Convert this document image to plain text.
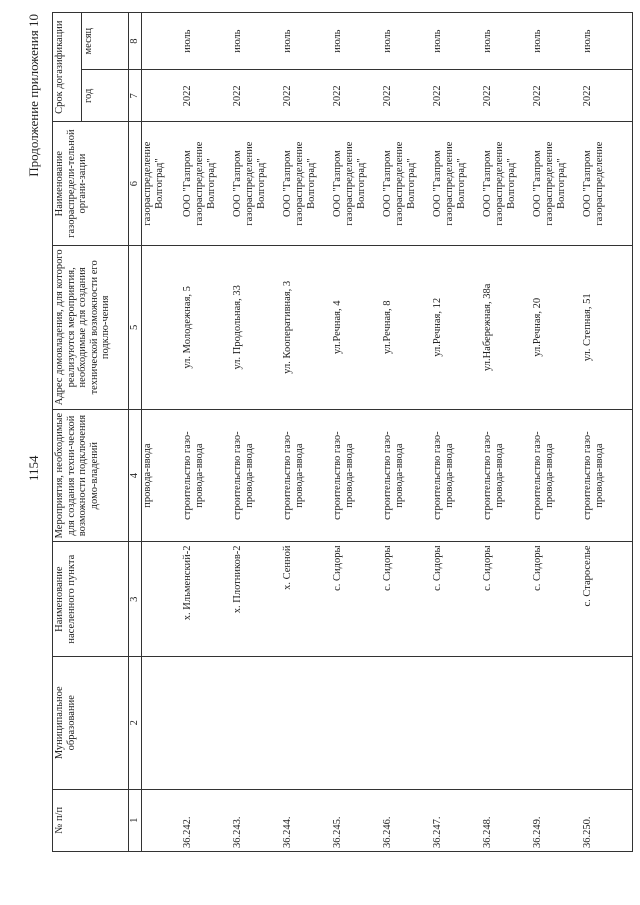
1154
Продолжение приложения 10
№ п/п	Муниципальное образование	Наименование населенного пункта	Мероприятия, необходимые для создания техни-ческой возможности подключения домо-владений	Адрес домовладения, для которого реализуются мероприятия, необходимые для создания технической возможности его подклю-чения	Наименование газораспредели-тельной органи-зации	Срок догазификации	
						год	месяц
1	2	3	4	5	6	7	8
			провода-ввода		газораспределение Волгоград"		

36.242.		х. Ильменский-2	строительство газо- провода-ввода	ул. Молодежная, 5	ООО "Газпром газораспределение Волгоград"	2022	июль
36.243.		х. Плотников-2	строительство газо- провода-ввода	ул. Продольная, 33	ООО "Газпром газораспределение Волгоград"	2022	июль
36.244.		х. Сенной	строительство газо- провода-ввода	ул. Кооперативная, 3	ООО "Газпром газораспределение Волгоград"	2022	июль
36.245.		с. Сидоры	строительство газо- провода-ввода	ул.Речная, 4	ООО "Газпром газораспределение Волгоград"	2022	июль
36.246.		с. Сидоры	строительство газо- провода-ввода	ул.Речная, 8	ООО "Газпром газораспределение Волгоград"	2022	июль
36.247.		с. Сидоры	строительство газо- провода-ввода	ул.Речная, 12	ООО "Газпром газораспределение Волгоград"	2022	июль
36.248.		с. Сидоры	строительство газо- провода-ввода	ул.Набережная, 38а	ООО "Газпром газораспределение Волгоград"	2022	июль
36.249.		с. Сидоры	строительство газо- провода-ввода	ул.Речная, 20	ООО "Газпром газораспределение Волгоград"	2022	июль
36.250.		с. Староселье	строительство газо- провода-ввода	ул. Степная, 51	ООО "Газпром газораспределение	2022	июль
